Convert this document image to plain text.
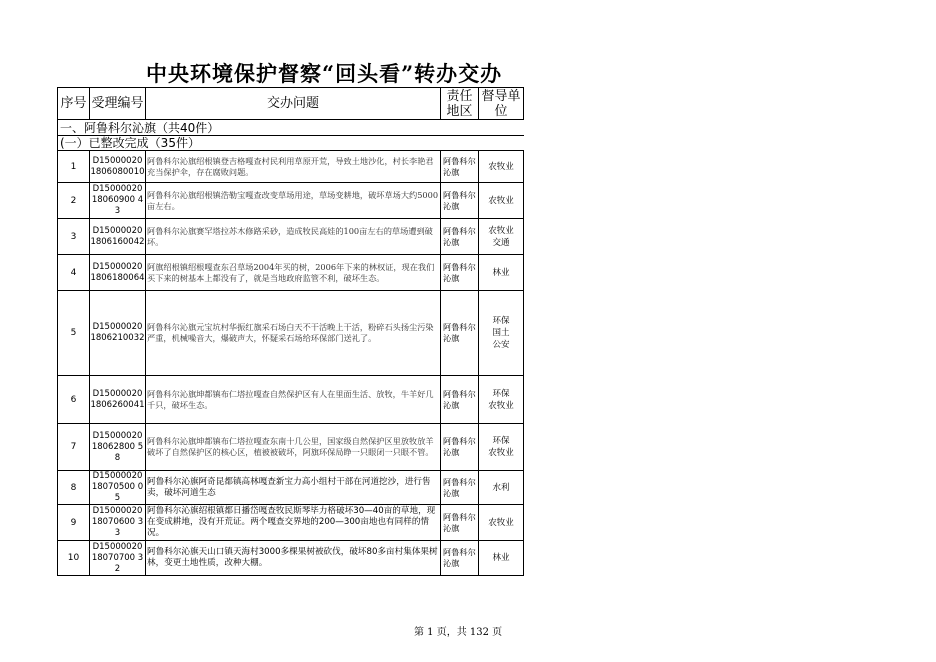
中央环境保护督察“回头看”转办交办
序号	受理编号	交办问题	责任地区	督导单位
一、阿鲁科尔沁旗（共40件）				
(一）已整改完成（35件）				
1	D150000201806080010	阿鲁科尔沁旗绍根镇登吉格嘎查村民利用草原开荒，导致土地沙化，村长李艳君充当保护伞，存在腐败问题。	阿鲁科尔沁旗	农牧业
2	D1500002018060900 43	阿鲁科尔沁旗绍根镇浩勒宝嘎查改变草场用途，草场变耕地，破坏草场大约5000亩左右。	阿鲁科尔沁旗	农牧业
3	D150000201806160042	阿鲁科尔沁旗赛罕塔拉苏木修路采砂，造成牧民高娃的100亩左右的草场遭到破坏。	阿鲁科尔沁旗	农牧业
交通
4	D150000201806180064	阿旗绍根镇绍根嘎查东召草场2004年买的树，2006年下来的林权证，现在我们买下来的树基本上都没有了，就是当地政府监管不利，破坏生态。	阿鲁科尔沁旗	林业
5	D150000201806210032	阿鲁科尔沁旗元宝坑村华振红旗采石场白天不干活晚上干活，粉碎石头扬尘污染严重，机械噪音大，爆破声大，怀疑采石场给环保部门送礼了。	阿鲁科尔沁旗	环保
国土
公安
6	D150000201806260041	阿鲁科尔沁旗坤都镇布仁塔拉嘎查自然保护区有人在里面生活、放牧，牛羊好几千只，破坏生态。	阿鲁科尔沁旗	环保
农牧业
7	D1500002018062800 58	阿鲁科尔沁旗坤都镇布仁塔拉嘎查东南十几公里，国家级自然保护区里放牧放羊破坏了自然保护区的核心区，植被被破坏，阿旗环保局睁一只眼闭一只眼不管。	阿鲁科尔沁旗	环保
农牧业
8	D1500002018070500 05	阿鲁科尔沁旗阿奇昆都镇高林嘎查新宝力高小组村干部在河道挖沙，进行售卖，破坏河道生态	阿鲁科尔沁旗	水利
9	D1500002018070600 33	阿鲁科尔沁旗绍根镇都日播岱嘎查牧民斯琴毕力格破坏30—40亩的草地，现在变成耕地，没有开荒证。两个嘎查交界地的200—300亩地也有同样的情况。	阿鲁科尔沁旗	农牧业
10	D1500002018070700 32	阿鲁科尔沁旗天山口镇天海村3000多棵果树被砍伐，破坏80多亩村集体果树林，变更土地性质，改种大棚。	阿鲁科尔沁旗	林业
第 1 页，共 132 页
